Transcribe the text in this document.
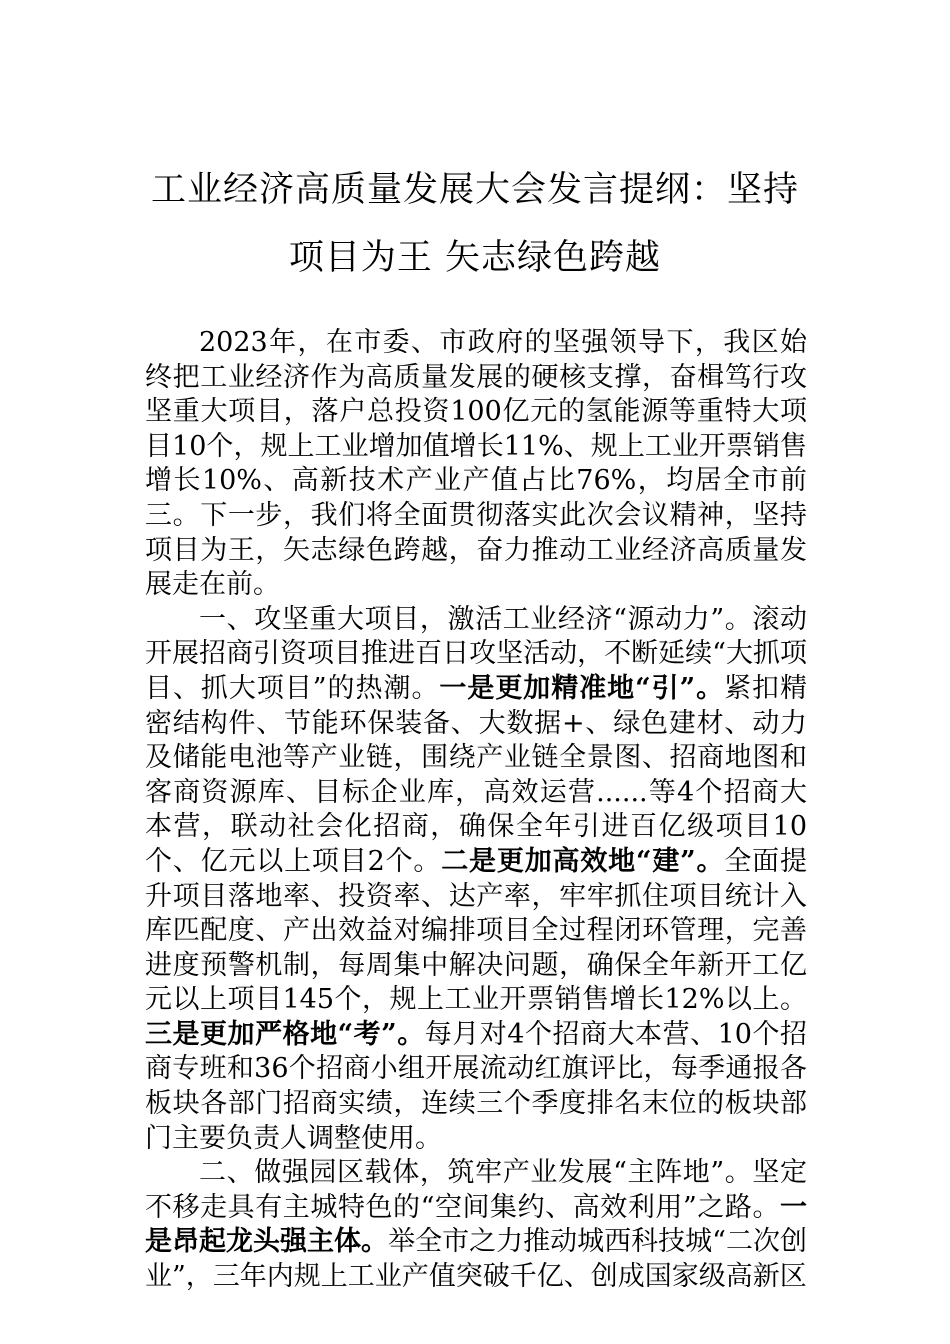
工业经济高质量发展大会发言提纲：坚持
项目为王 矢志绿色跨越

2023年，在市委、市政府的坚强领导下，我区始终把工业经济作为高质量发展的硬核支撑，奋楫笃行攻坚重大项目，落户总投资100亿元的氢能源等重特大项目10个，规上工业增加值增长11%、规上工业开票销售增长10%、高新技术产业产值占比76%，均居全市前三。下一步，我们将全面贯彻落实此次会议精神，坚持项目为王，矢志绿色跨越，奋力推动工业经济高质量发展走在前。

一、攻坚重大项目，激活工业经济“源动力”。滚动开展招商引资项目推进百日攻坚活动，不断延续“大抓项目、抓大项目”的热潮。一是更加精准地“引”。紧扣精密结构件、节能环保装备、大数据+、绿色建材、动力及储能电池等产业链，围绕产业链全景图、招商地图和客商资源库、目标企业库，高效运营......等4个招商大本营，联动社会化招商，确保全年引进百亿级项目10个、亿元以上项目2个。二是更加高效地“建”。全面提升项目落地率、投资率、达产率，牢牢抓住项目统计入库匹配度、产出效益对编排项目全过程闭环管理，完善进度预警机制，每周集中解决问题，确保全年新开工亿元以上项目145个，规上工业开票销售增长12%以上。三是更加严格地“考”。每月对4个招商大本营、10个招商专班和36个招商小组开展流动红旗评比，每季通报各板块各部门招商实绩，连续三个季度排名末位的板块部门主要负责人调整使用。

二、做强园区载体，筑牢产业发展“主阵地”。坚定不移走具有主城特色的“空间集约、高效利用”之路。一是昂起龙头强主体。举全市之力推动城西科技城“二次创业”，三年内规上工业产值突破千亿、创成国家级高新区
